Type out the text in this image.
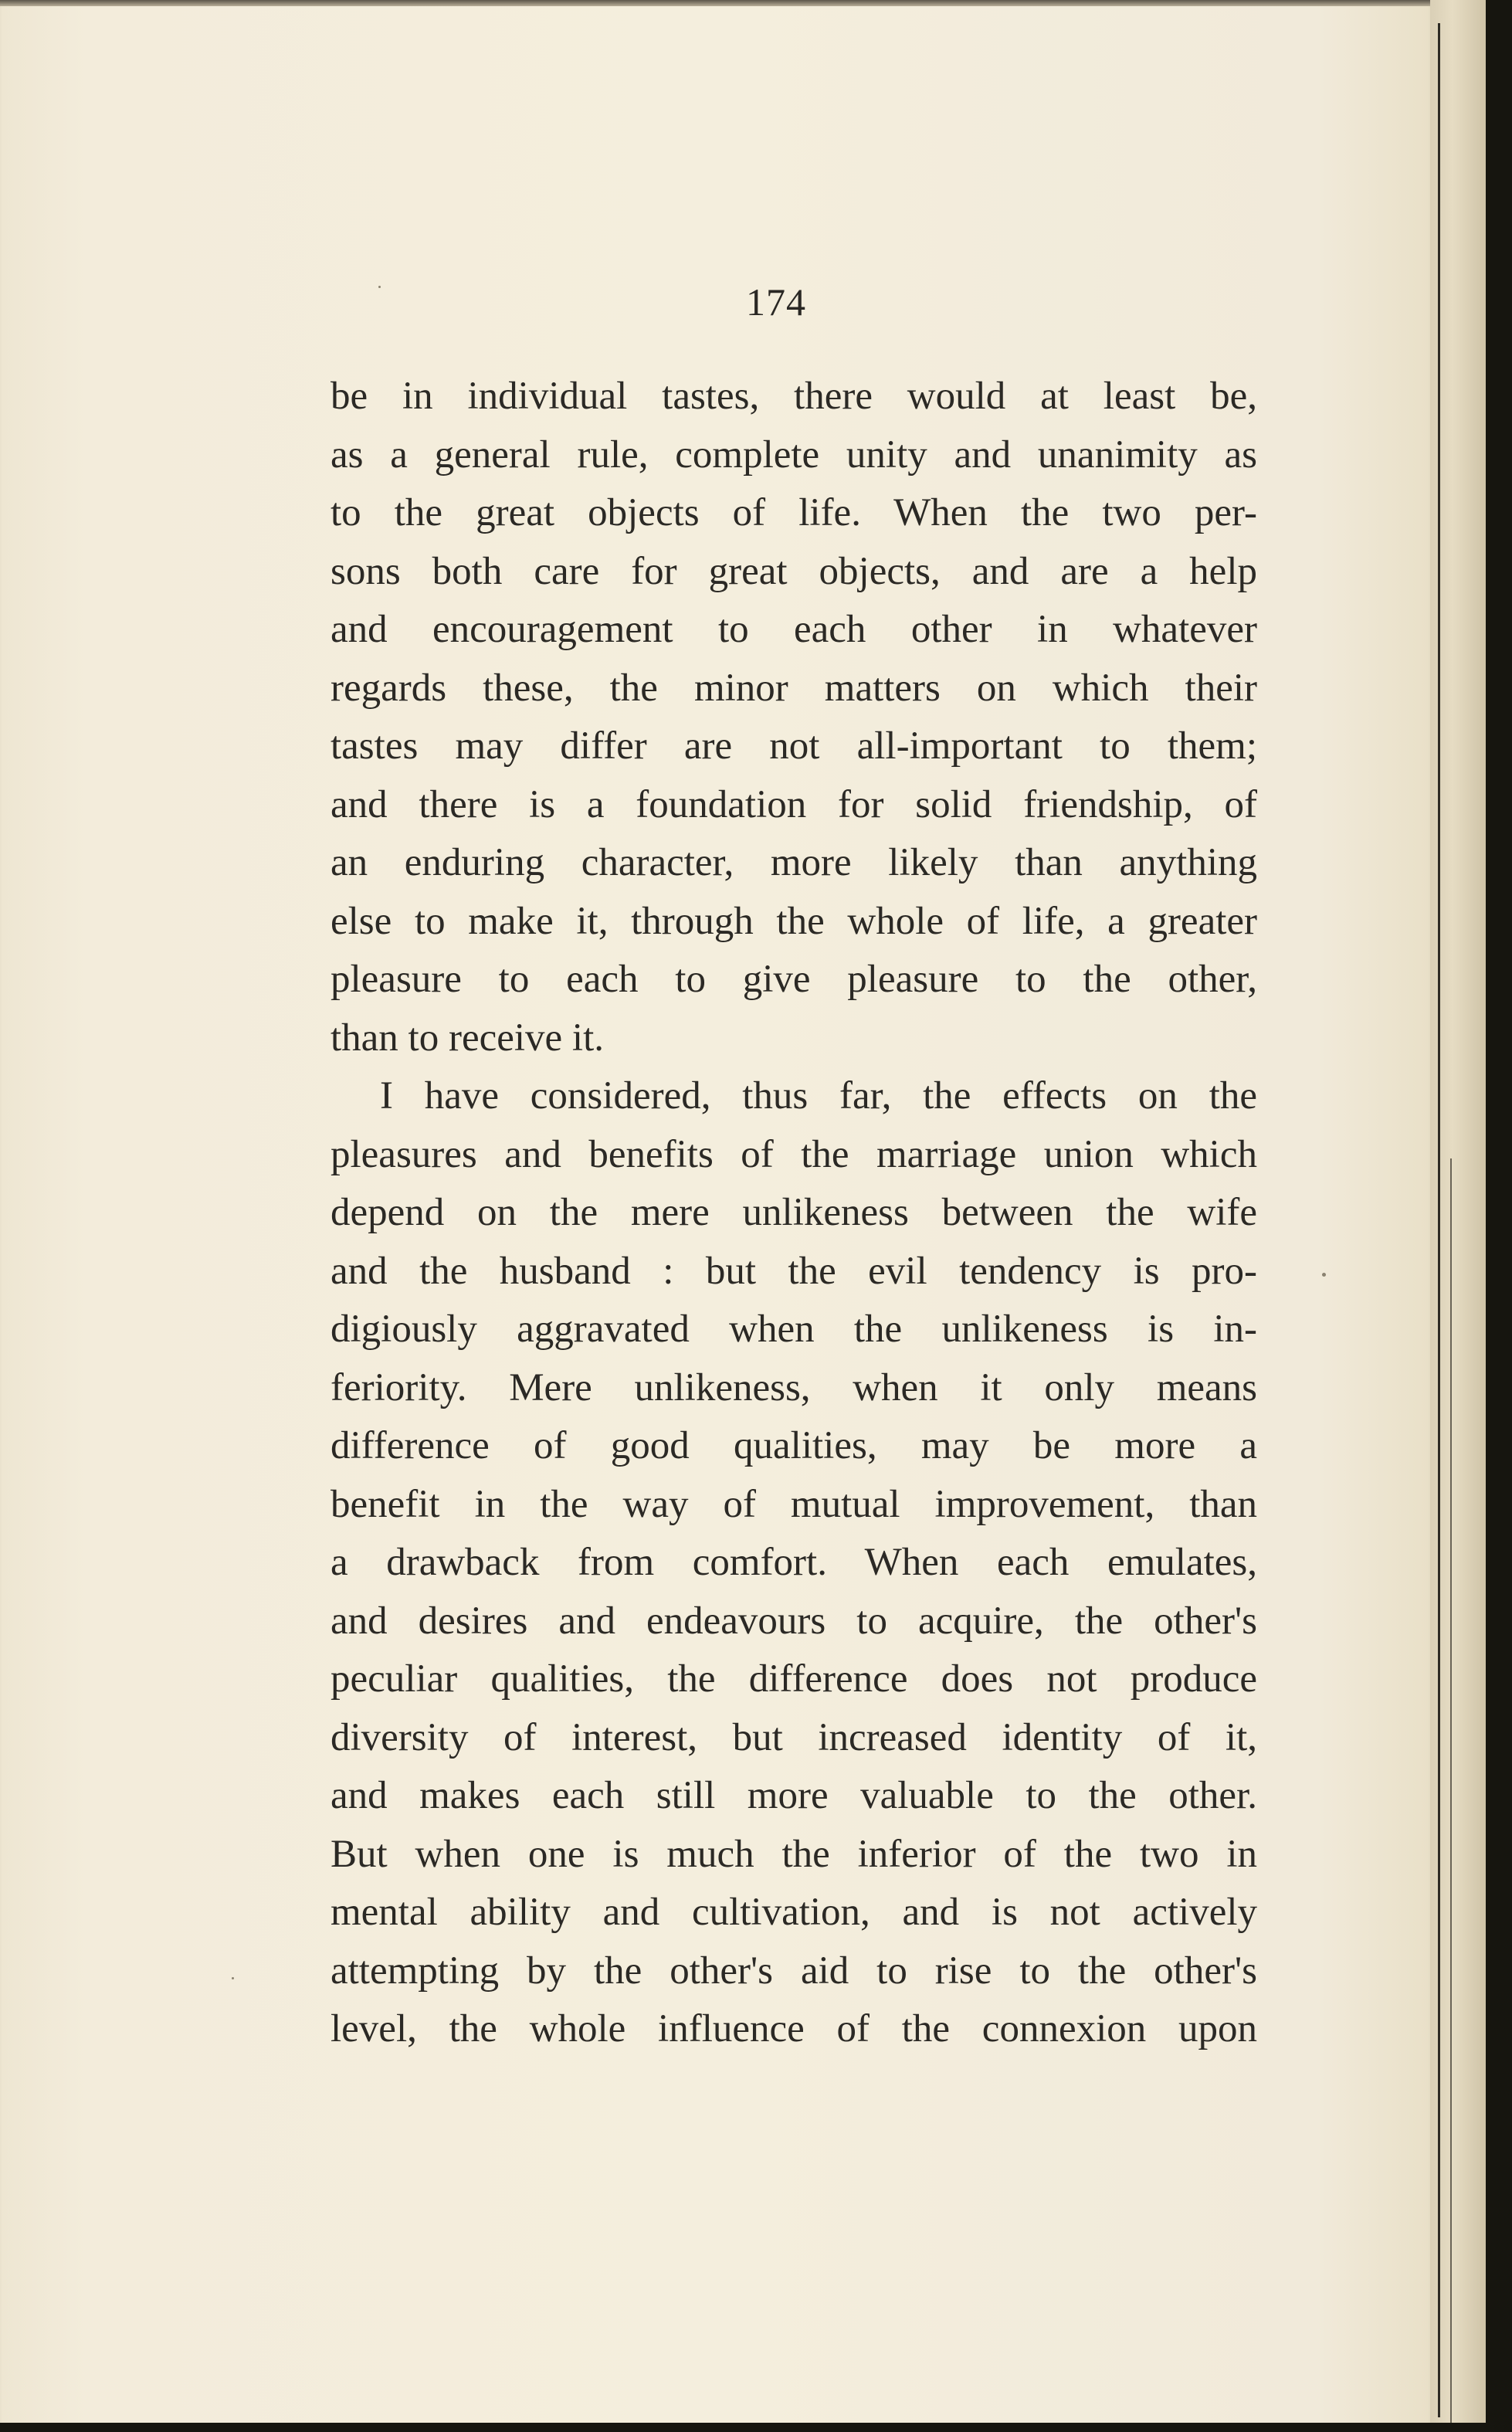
174
be in individual tastes, there would at least be,
as a general rule, complete unity and unanimity as
to the great objects of life. When the two per-
sons both care for great objects, and are a help
and encouragement to each other in whatever
regards these, the minor matters on which their
tastes may differ are not all-important to them;
and there is a foundation for solid friendship, of
an enduring character, more likely than anything
else to make it, through the whole of life, a greater
pleasure to each to give pleasure to the other,
than to receive it.
I have considered, thus far, the effects on the
pleasures and benefits of the marriage union which
depend on the mere unlikeness between the wife
and the husband : but the evil tendency is pro-
digiously aggravated when the unlikeness is in-
feriority. Mere unlikeness, when it only means
difference of good qualities, may be more a
benefit in the way of mutual improvement, than
a drawback from comfort. When each emulates,
and desires and endeavours to acquire, the other's
peculiar qualities, the difference does not produce
diversity of interest, but increased identity of it,
and makes each still more valuable to the other.
But when one is much the inferior of the two in
mental ability and cultivation, and is not actively
attempting by the other's aid to rise to the other's
level, the whole influence of the connexion upon
